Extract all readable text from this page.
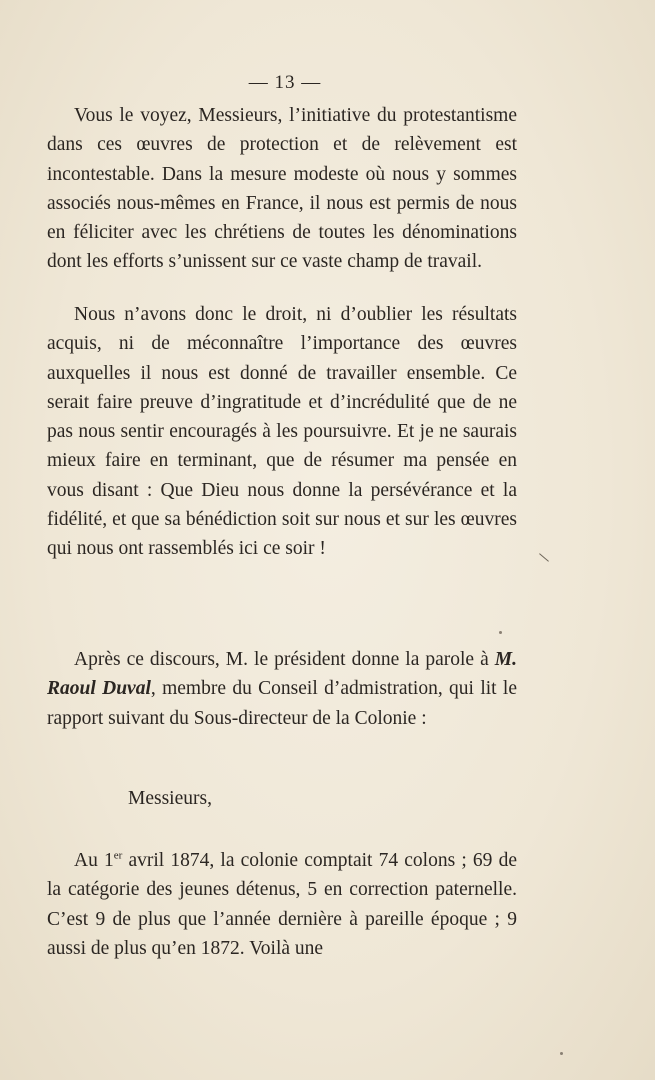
— 13 —

Vous le voyez, Messieurs, l’initiative du protestantisme dans ces œuvres de protection et de relèvement est incontestable. Dans la mesure modeste où nous y sommes associés nous-mêmes en France, il nous est permis de nous en féliciter avec les chrétiens de toutes les dénominations dont les efforts s’unissent sur ce vaste champ de travail.

Nous n’avons donc le droit, ni d’oublier les résultats acquis, ni de méconnaître l’importance des œuvres auxquelles il nous est donné de travailler ensemble. Ce serait faire preuve d’ingratitude et d’incrédulité que de ne pas nous sentir encouragés à les poursuivre. Et je ne saurais mieux faire en terminant, que de résumer ma pensée en vous disant : Que Dieu nous donne la persévérance et la fidélité, et que sa bénédiction soit sur nous et sur les œuvres qui nous ont rassemblés ici ce soir !

Après ce discours, M. le président donne la parole à M. Raoul Duval, membre du Conseil d’admistration, qui lit le rapport suivant du Sous-directeur de la Colonie :

Messieurs,

Au 1er avril 1874, la colonie comptait 74 colons ; 69 de la catégorie des jeunes détenus, 5 en correction paternelle. C’est 9 de plus que l’année dernière à pareille époque ; 9 aussi de plus qu’en 1872. Voilà une
